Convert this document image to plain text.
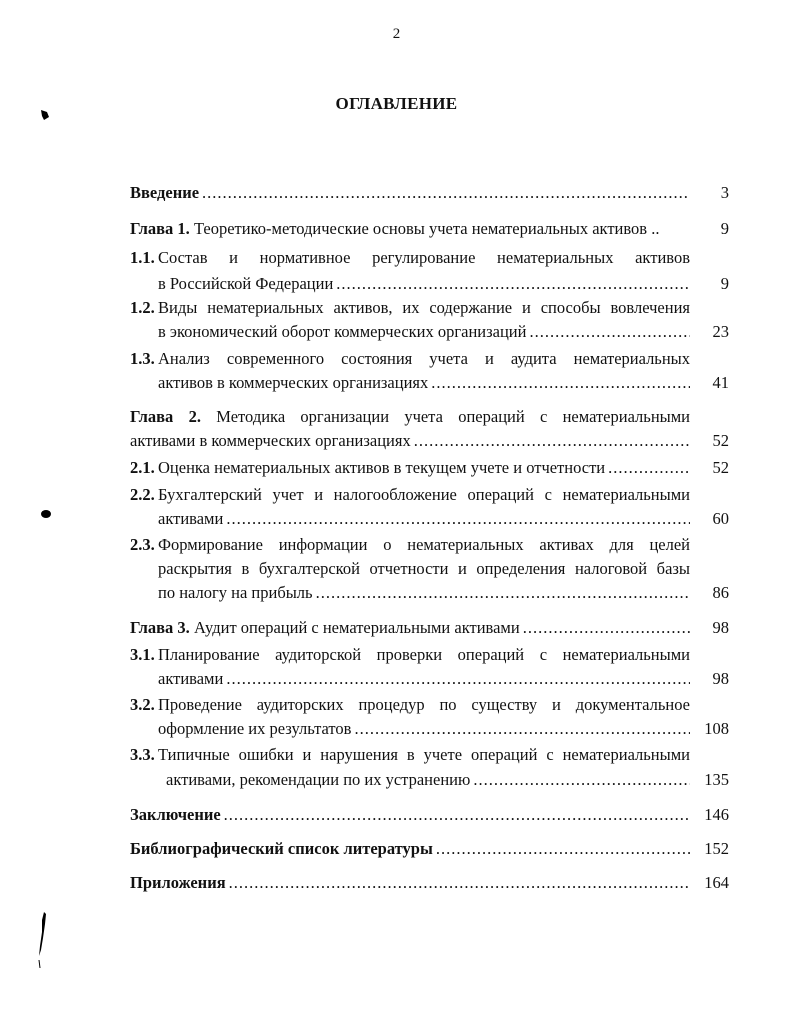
2
ОГЛАВЛЕНИЕ
Введение .....	3
Глава 1. Теоретико-методические основы учета нематериальных активов ..	9
1.1. Состав и нормативное регулирование нематериальных активов
в Российской Федерации .....	9
1.2. Виды нематериальных активов, их содержание и способы вовлечения
в экономический оборот коммерческих организаций .....	23
1.3. Анализ современного состояния учета и аудита нематериальных
активов в коммерческих организациях .....	41
Глава 2. Методика организации учета операций с нематериальными
активами в коммерческих организациях .....	52
2.1. Оценка нематериальных активов в текущем учете и отчетности .....	52
2.2. Бухгалтерский учет и налогообложение операций с нематериальными
активами .....	60
2.3. Формирование информации о нематериальных активах для целей
раскрытия в бухгалтерской отчетности и определения налоговой базы
по налогу на прибыль .....	86
Глава 3. Аудит операций с нематериальными активами .....	98
3.1. Планирование аудиторской проверки операций с нематериальными
активами .....	98
3.2. Проведение аудиторских процедур по существу и документальное
оформление их результатов .....	108
3.3. Типичные ошибки и нарушения в учете операций с нематериальными
активами, рекомендации по их устранению .....	135
Заключение .....	146
Библиографический список литературы .....	152
Приложения .....	164
